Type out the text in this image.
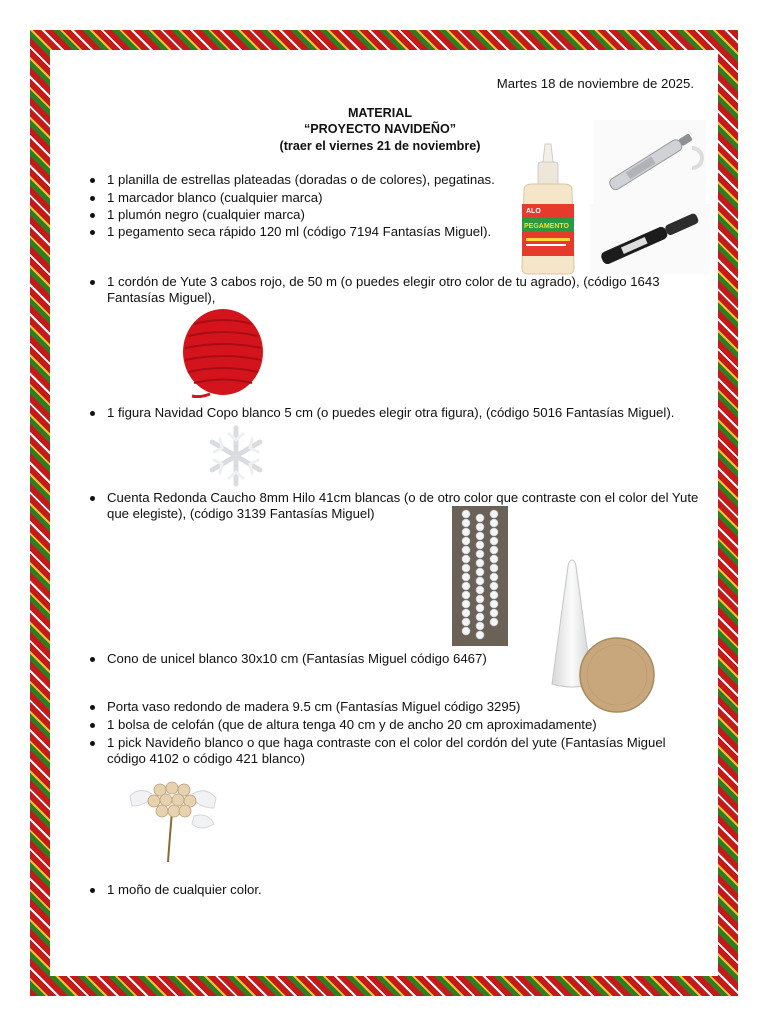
Martes 18 de noviembre de 2025.
MATERIAL
“PROYECTO NAVIDEÑO”
(traer el viernes 21 de noviembre)
1 planilla de estrellas plateadas (doradas o de colores), pegatinas.
1 marcador blanco (cualquier marca)
1 plumón negro (cualquier marca)
1 pegamento seca rápido 120 ml (código 7194 Fantasías Miguel).
1 cordón de Yute 3 cabos rojo, de 50 m (o puedes elegir otro color de tu agrado), (código 1643 Fantasías Miguel),
1 figura Navidad Copo blanco 5 cm (o puedes elegir otra figura), (código 5016 Fantasías Miguel).
Cuenta Redonda Caucho 8mm Hilo 41cm blancas (o de otro color que contraste con el color del Yute que elegiste), (código 3139 Fantasías Miguel)
Cono de unicel blanco 30x10 cm (Fantasías Miguel código 6467)
Porta vaso redondo de madera 9.5 cm (Fantasías Miguel código 3295)
1 bolsa de celofán (que de altura tenga 40 cm y de ancho 20 cm aproximadamente)
1 pick Navideño blanco o que haga contraste con el color del cordón del yute (Fantasías Miguel código 4102 o código 421 blanco)
1 moño de cualquier color.
ALO
PEGAMENTO
